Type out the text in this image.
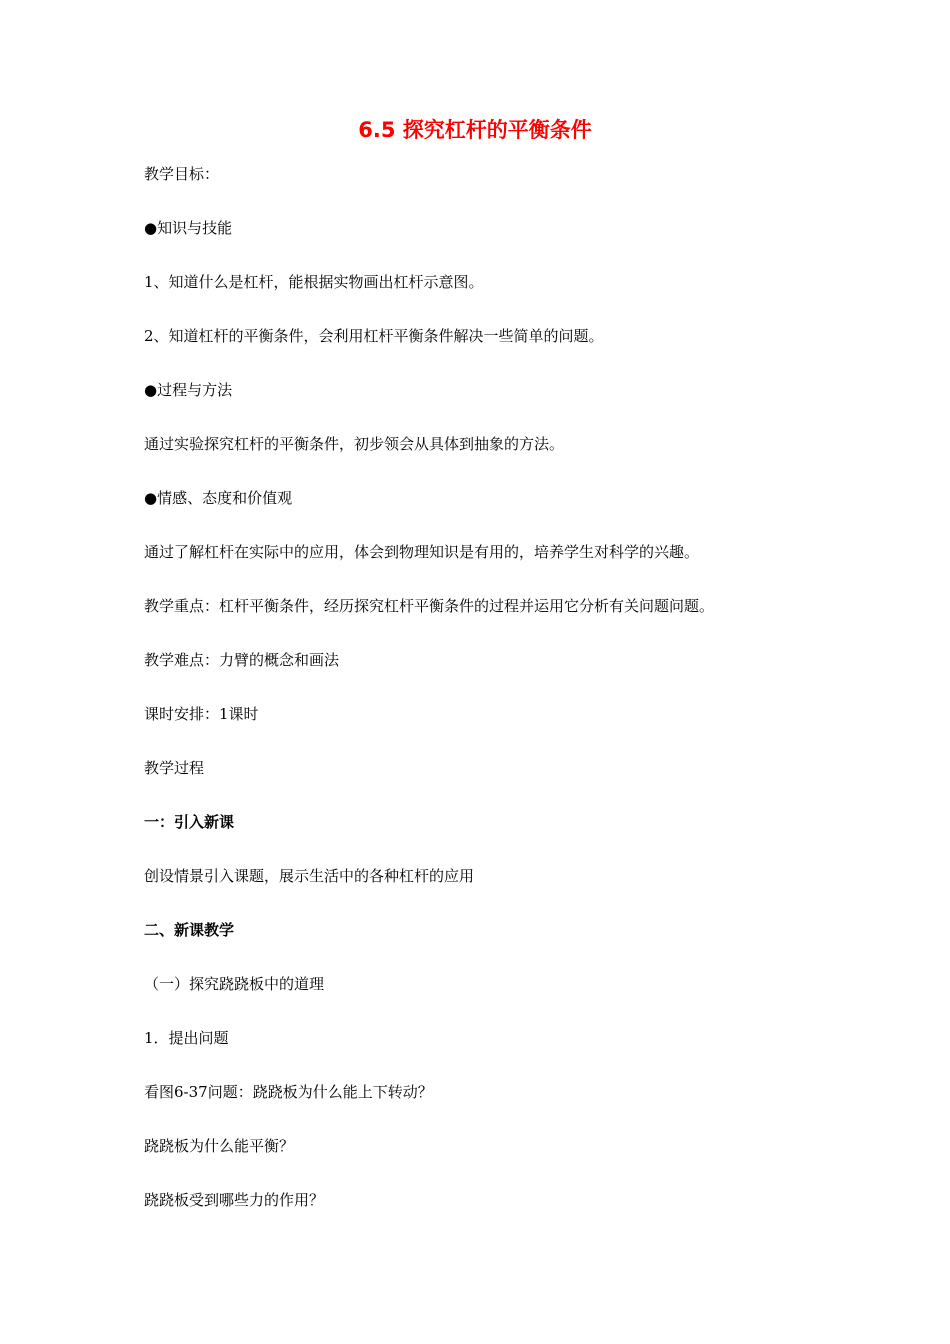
6.5 探究杠杆的平衡条件
教学目标：
●知识与技能
1、知道什么是杠杆，能根据实物画出杠杆示意图。
2、知道杠杆的平衡条件，会利用杠杆平衡条件解决一些简单的问题。
●过程与方法
通过实验探究杠杆的平衡条件，初步领会从具体到抽象的方法。
●情感、态度和价值观
通过了解杠杆在实际中的应用，体会到物理知识是有用的，培养学生对科学的兴趣。
教学重点：杠杆平衡条件，经历探究杠杆平衡条件的过程并运用它分析有关问题问题。
教学难点：力臂的概念和画法
课时安排：1课时
教学过程
一：引入新课
创设情景引入课题，展示生活中的各种杠杆的应用
二、新课教学
（一）探究跷跷板中的道理
1．提出问题
看图6-37问题：跷跷板为什么能上下转动？
跷跷板为什么能平衡？
跷跷板受到哪些力的作用？
